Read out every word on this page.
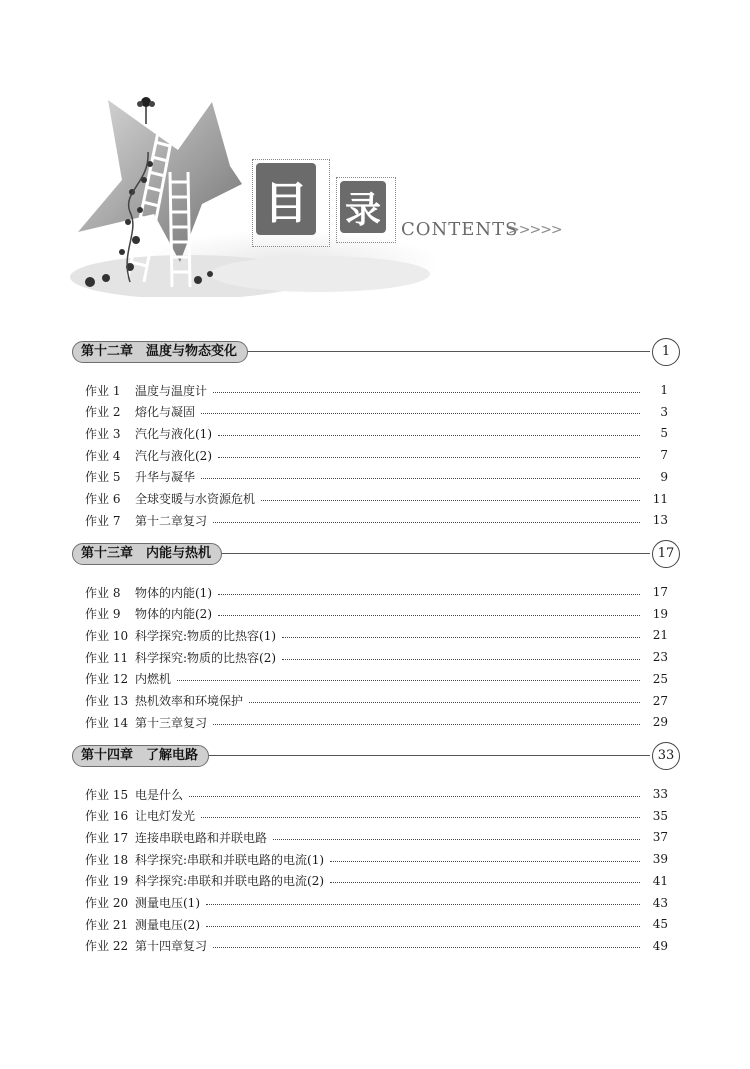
目 录 CONTENTS
>>>>>
第十二章　温度与物态变化	1
作业 1	温度与温度计	1
作业 2	熔化与凝固	3
作业 3	汽化与液化(1)	5
作业 4	汽化与液化(2)	7
作业 5	升华与凝华	9
作业 6	全球变暖与水资源危机	11
作业 7	第十二章复习	13
第十三章　内能与热机	17
作业 8	物体的内能(1)	17
作业 9	物体的内能(2)	19
作业 10 科学探究:物质的比热容(1)	21
作业 11 科学探究:物质的比热容(2)	23
作业 12 内燃机	25
作业 13 热机效率和环境保护	27
作业 14 第十三章复习	29
第十四章　了解电路	33
作业 15 电是什么	33
作业 16 让电灯发光	35
作业 17 连接串联电路和并联电路	37
作业 18 科学探究:串联和并联电路的电流(1)	39
作业 19 科学探究:串联和并联电路的电流(2)	41
作业 20 测量电压(1)	43
作业 21 测量电压(2)	45
作业 22 第十四章复习	49
